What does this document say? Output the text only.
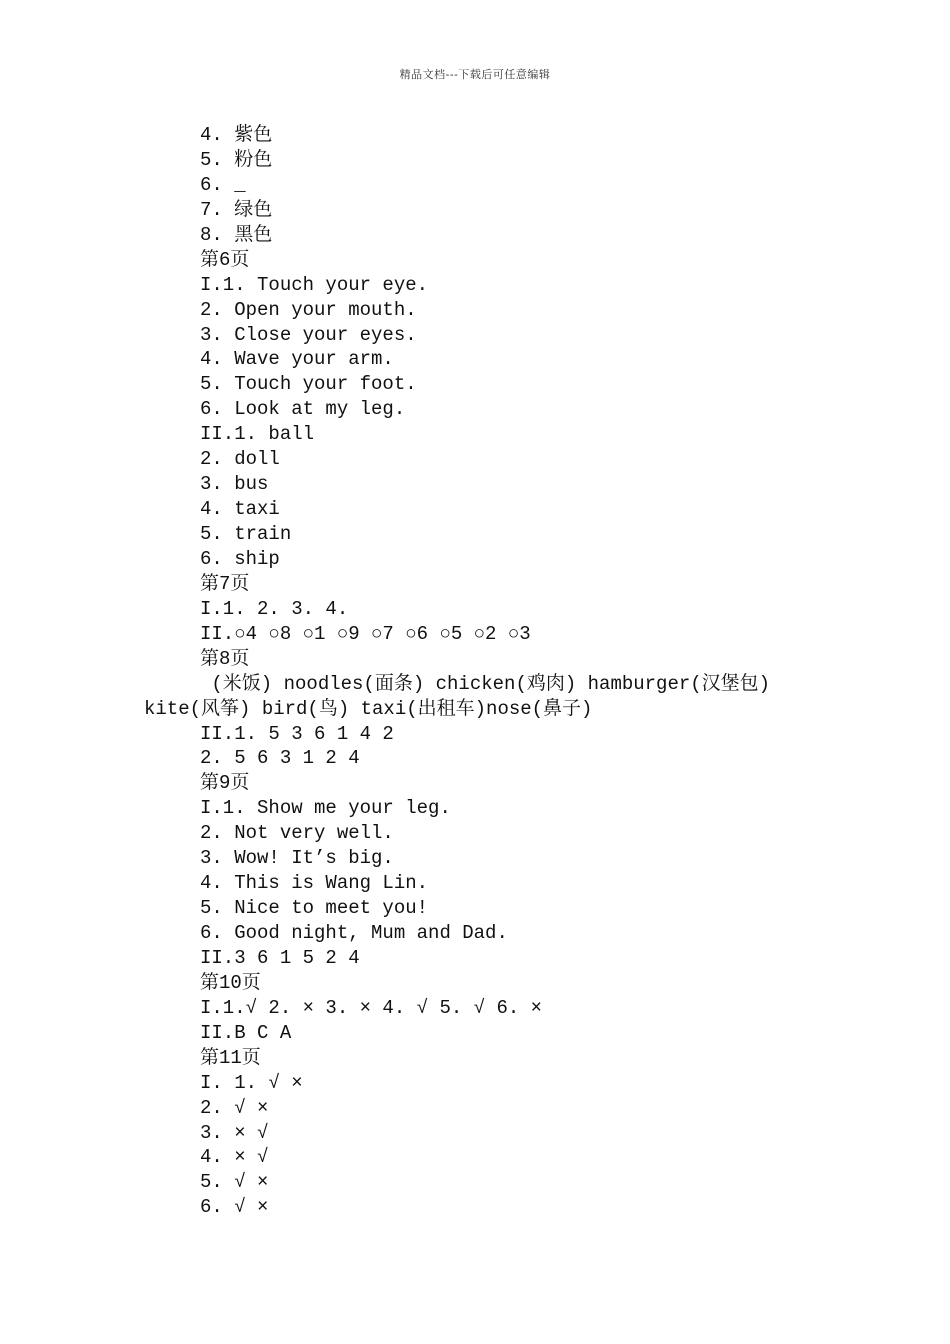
精品文档---下载后可任意编辑
4. 紫色
5. 粉色
6. _
7. 绿色
8. 黑色
第6页
I.1. Touch your eye.
2. Open your mouth.
3. Close your eyes.
4. Wave your arm.
5. Touch your foot.
6. Look at my leg.
II.1. ball
2. doll
3. bus
4. taxi
5. train
6. ship
第7页
I.1. 2. 3. 4.
II.○4 ○8 ○1 ○9 ○7 ○6 ○5 ○2 ○3
第8页
(米饭) noodles(面条) chicken(鸡肉) hamburger(汉堡包)
kite(风筝) bird(鸟) taxi(出租车)nose(鼻子)
II.1. 5 3 6 1 4 2
2. 5 6 3 1 2 4
第9页
I.1. Show me your leg.
2. Not very well.
3. Wow! It’s big.
4. This is Wang Lin.
5. Nice to meet you!
6. Good night, Mum and Dad.
II.3 6 1 5 2 4
第10页
I.1.√ 2. × 3. × 4. √ 5. √ 6. ×
II.B C A
第11页
I. 1. √ ×
2. √ ×
3. × √
4. × √
5. √ ×
6. √ ×
